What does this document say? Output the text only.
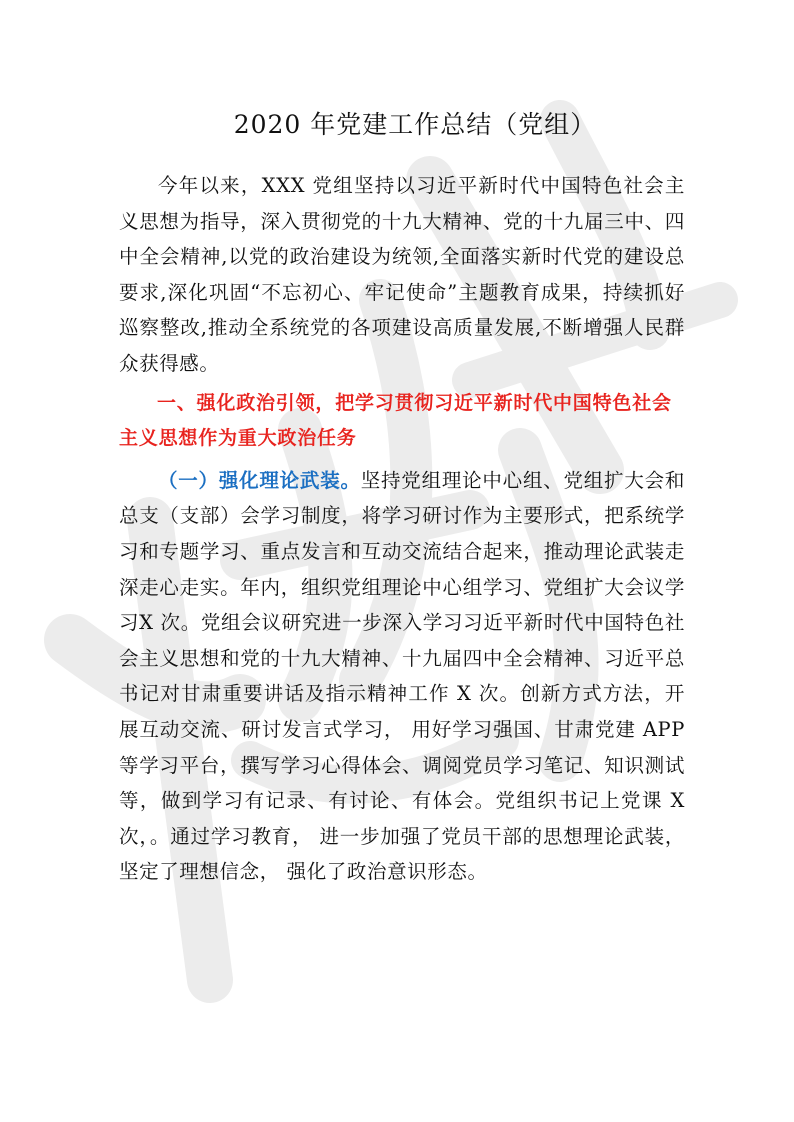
2020 年党建工作总结（党组）

今年以来，XXX 党组坚持以习近平新时代中国特色社会主义思想为指导，深入贯彻党的十九大精神、党的十九届三中、四中全会精神,以党的政治建设为统领,全面落实新时代党的建设总要求,深化巩固“不忘初心、牢记使命”主题教育成果，持续抓好巡察整改,推动全系统党的各项建设高质量发展,不断增强人民群众获得感。

一、强化政治引领，把学习贯彻习近平新时代中国特色社会主义思想作为重大政治任务

（一）强化理论武装。坚持党组理论中心组、党组扩大会和总支（支部）会学习制度，将学习研讨作为主要形式，把系统学习和专题学习、重点发言和互动交流结合起来，推动理论武装走深走心走实。年内，组织党组理论中心组学习、党组扩大会议学习X 次。党组会议研究进一步深入学习习近平新时代中国特色社会主义思想和党的十九大精神、十九届四中全会精神、习近平总书记对甘肃重要讲话及指示精神工作 X 次。创新方式方法，开展互动交流、研讨发言式学习， 用好学习强国、甘肃党建 APP 等学习平台，撰写学习心得体会、调阅党员学习笔记、知识测试等，做到学习有记录、有讨论、有体会。党组织书记上党课 X 次，。通过学习教育， 进一步加强了党员干部的思想理论武装，坚定了理想信念， 强化了政治意识形态。
